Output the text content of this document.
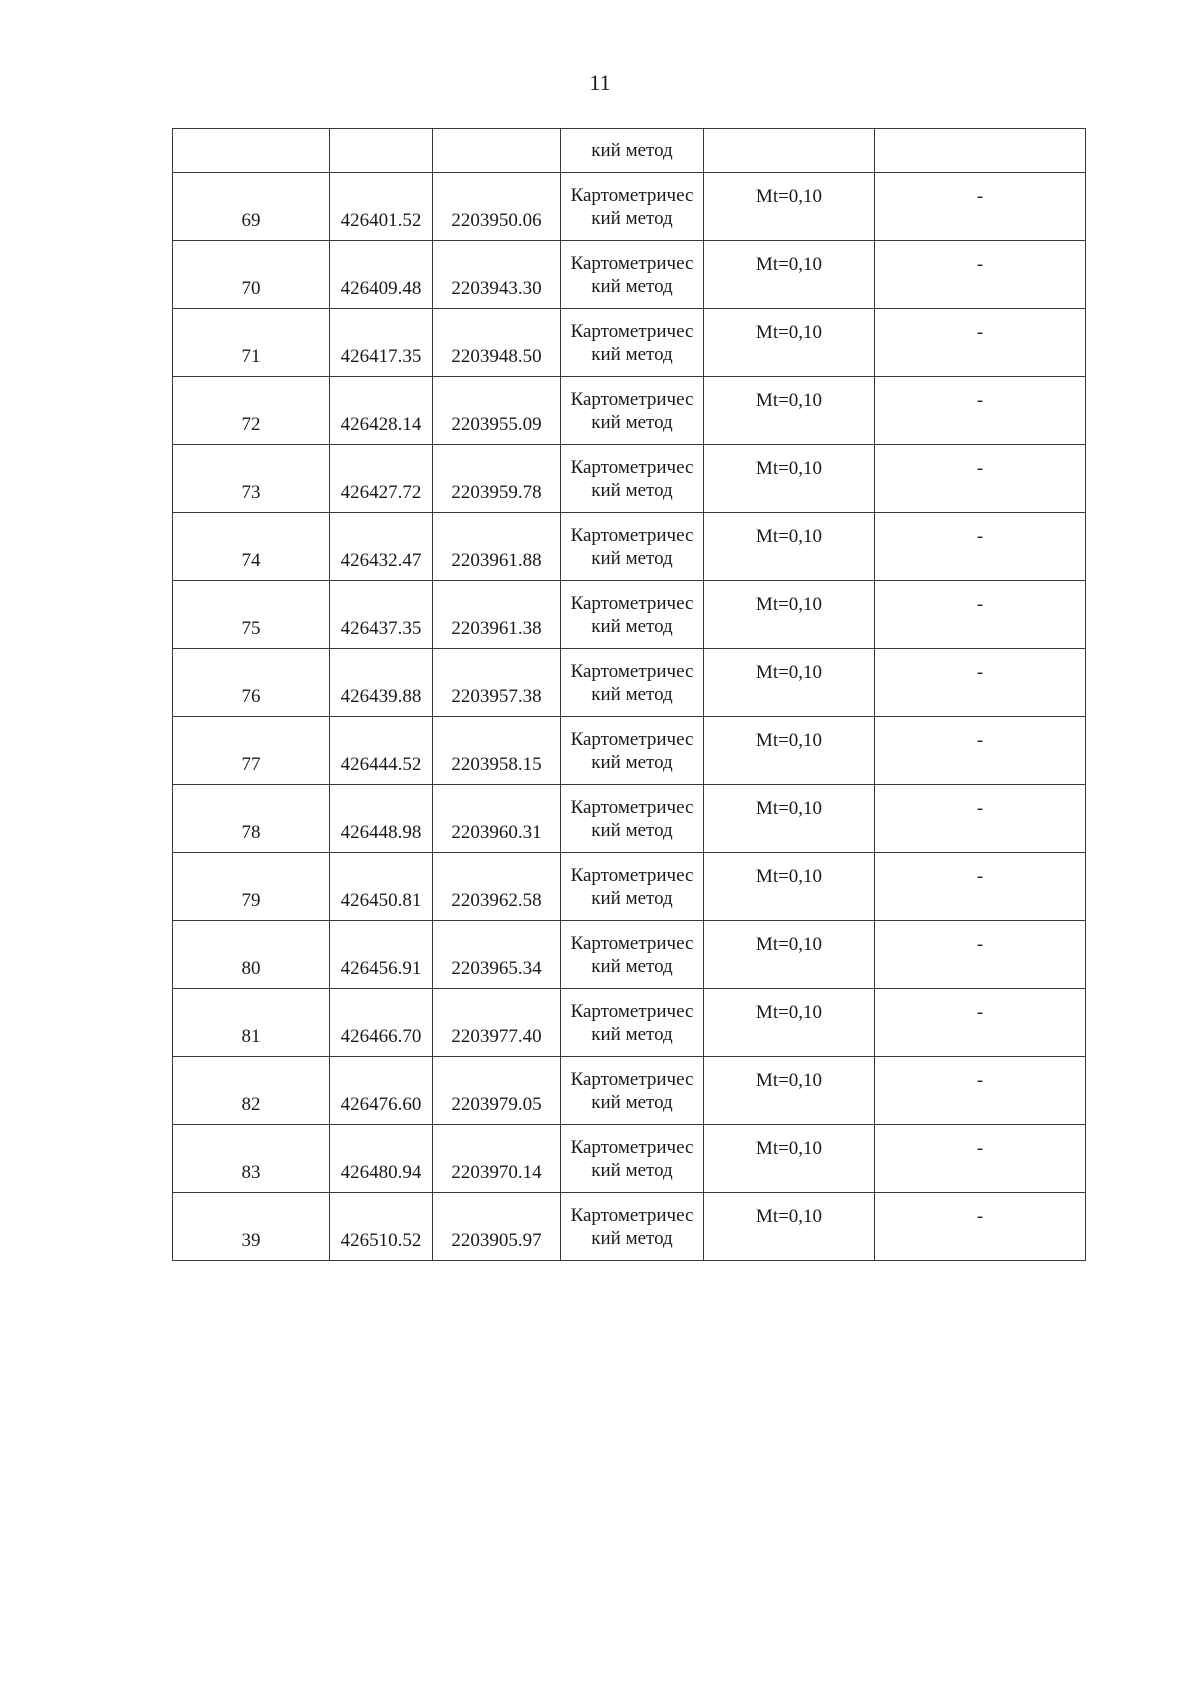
11

			кий метод		

69	426401.52	2203950.06	Картометричес
кий метод	Mt=0,10	-

70	426409.48	2203943.30	Картометричес
кий метод	Mt=0,10	-

71	426417.35	2203948.50	Картометричес
кий метод	Mt=0,10	-

72	426428.14	2203955.09	Картометричес
кий метод	Mt=0,10	-

73	426427.72	2203959.78	Картометричес
кий метод	Mt=0,10	-

74	426432.47	2203961.88	Картометричес
кий метод	Mt=0,10	-

75	426437.35	2203961.38	Картометричес
кий метод	Mt=0,10	-

76	426439.88	2203957.38	Картометричес
кий метод	Mt=0,10	-

77	426444.52	2203958.15	Картометричес
кий метод	Mt=0,10	-

78	426448.98	2203960.31	Картометричес
кий метод	Mt=0,10	-

79	426450.81	2203962.58	Картометричес
кий метод	Mt=0,10	-

80	426456.91	2203965.34	Картометричес
кий метод	Mt=0,10	-

81	426466.70	2203977.40	Картометричес
кий метод	Mt=0,10	-

82	426476.60	2203979.05	Картометричес
кий метод	Mt=0,10	-

83	426480.94	2203970.14	Картометричес
кий метод	Mt=0,10	-

39	426510.52	2203905.97	Картометричес
кий метод	Mt=0,10	-
